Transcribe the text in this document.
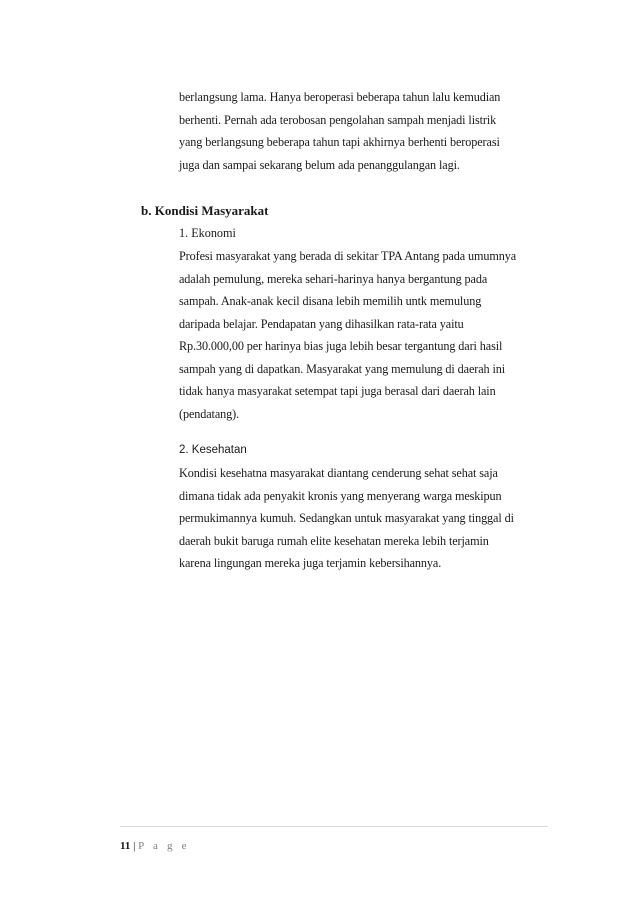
berlangsung lama. Hanya beroperasi beberapa tahun lalu kemudian
berhenti. Pernah ada terobosan pengolahan sampah menjadi listrik
yang berlangsung beberapa tahun tapi akhirnya berhenti beroperasi
juga dan sampai sekarang belum ada penanggulangan lagi.
b. Kondisi Masyarakat
1. Ekonomi
Profesi masyarakat yang berada di sekitar TPA Antang pada umumnya
adalah pemulung, mereka sehari-harinya hanya bergantung pada
sampah. Anak-anak kecil disana lebih memilih untk memulung
daripada belajar. Pendapatan yang dihasilkan rata-rata yaitu
Rp.30.000,00 per harinya bias juga lebih besar tergantung dari hasil
sampah yang di dapatkan. Masyarakat yang memulung di daerah ini
tidak hanya masyarakat setempat tapi juga berasal dari daerah lain
(pendatang).
2. Kesehatan
Kondisi kesehatna masyarakat diantang cenderung sehat sehat saja
dimana tidak ada penyakit kronis yang menyerang warga meskipun
permukimannya kumuh. Sedangkan untuk masyarakat yang tinggal di
daerah bukit baruga rumah elite kesehatan mereka lebih terjamin
karena lingungan mereka juga terjamin kebersihannya.
11 | P a g e
